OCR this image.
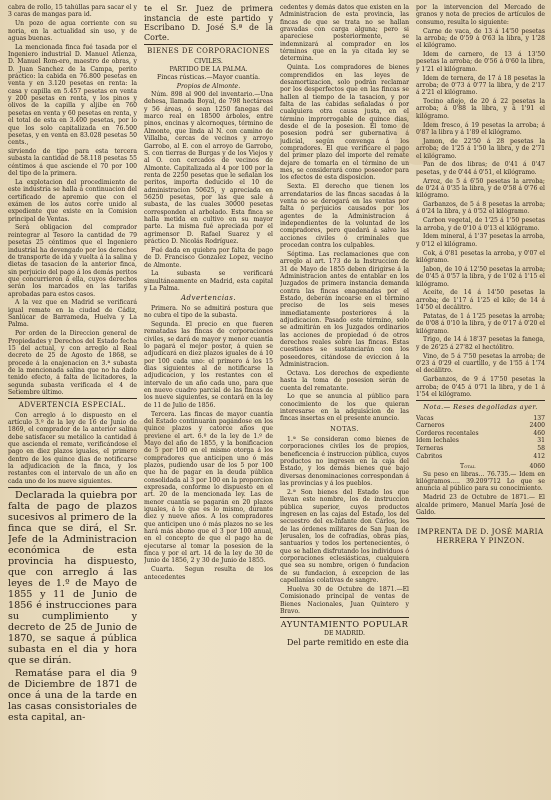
cabra de rollo, 15 tahúllas para sacar el y 3 caras de mangas para id.

Un pozo de agua corriente con su noria, en la actualidad sin uso, y de aguas buenas.

La mencionada finca fué tasada por el Ingeniero industrial D. Manuel Atienza, D. Manuel Rom-ero, maestro de obras, y D. Juan Sanchez de la Campa, perito práctico: la cabida en 76.800 pesetas en venta y en 3.120 pesetas en renta: la casa y capilla en 5.457 pesetas en venta y 200 pesetas en renta, y los pinos y olivos de la capilla y aljibe en 760 pesetas en venta y 60 pesetas en renta, y el total de esta en 3.400 pesetas, por lo que los solo capitalizada en 76.500 pesetas, y en venta en 83.028 pesetas 50 cents.,

sirviendo de tipo para esta tercera subasta la cantidad de 58.118 pesetas 55 céntimos á que asciende el 70 por 100 del tipo de la primera.

La explotacion del procedimiento de este industria se halla á continuacion del certificado de apremio que con el exámen de los autos corre unido al expediente que existe en la Comision principal de Ventas.

Será obligacion del comprador reintegrar al Tesoro la cantidad de 79 pesetas 25 céntimos que el Ingeniero industrial ha devengado por los derechos de transporte de ida y vuelta á la salina y dietas de tasacion de la anterior finca, sin perjuicio del pago á los demás peritos que concurrieron á ella, cuyos derechos serán los marcados en las tarifas aprobadas para estos casos.

A la vez que en Madrid se verificará igual remate en la ciudad de Cádiz, Sanlúcar de Barrameda, Huelva y La Palma.

Por orden de la Direccion general de Propiedades y Derechos del Estado fecha 15 del actual, y con arreglo al Real decreto de 25 de Agosto de 1868, se procede á la enajenacion en 3.ª subasta de la mencionada salina que no ha dado tenido efecto, á falta de licitadores, la segunda subasta verificada el 4 de Setiembre último.

ADVERTENCIA ESPECIAL.

Con arreglo á lo dispuesto en el artículo 3.º de la ley de 16 de Junio de 1869, el comprador de la anterior salina debe satisfacer su metálico la cantidad á que ascienda el remate, verificándose el pago en diez plazos iguales, el primero dentro de los quince dias de notificarse la adjudicacion de la finca, y los restantes con el intervalo de un año en cada uno de los nueve siguientes.

Declarada la quiebra por falta de pago de plazos sucesivos al primero de la finca que se dirá, el Sr. Jefe de la Administracion económica de esta provincia ha dispuesto, que con arreglo á las leyes de 1.º de Mayo de 1855 y 11 de Junio de 1856 é instrucciones para su cumplimiento y decreto de 25 de Junio de 1870, se saque á pública subasta en el dia y hora que se dirán.

Rematáse para el dia 9 de Diciembre de 1871 de once á una de la tarde en las casas consistoriales de esta capital, an-

te el Sr. Juez de primera instancia de este partido y Escribano D. José S.ª de la Corte.

BIENES DE CORPORACIONES
CIVILES.
PARTIDO DE LA PALMA.
Fincas rústicas.—Mayor cuantía.
Propios de Almonte.

Núm. 898 al 900 del inventario.—Una dehesa, llamada Boyal, de 798 hectáreas y 56 áreas, ó sean 1250 fanegas del marco real en 18500 árboles, entre pinos, encinas y alcornoques, término de Almonte, que linda al N. con camino de Villalba, cercas de vecinos y arroyo Garrobo, al E. con el arroyo de Garrobo, S. con tierras de Burgas y de los Viejos y al O. con cercados de vecinos de Almonte. Capitalizada al 4 por 100 por la renta de 2250 pesetas que le señalan los peritos, importa deducido el 10 de administracion 50625, y apreciada en 56250 pesetas, por las que sale á subasta, de las cuales 30000 pesetas corresponden al arbolado. Esta finca se halla metida en cultivo en su mayor parte. La misma fué apreciada por el agrimensor D. Rafael Suarez y el práctico D. Nicolás Rodríguez.

Fué dada en quiebra por falta de pago de D. Francisco Gonzalez Lopez, vecino de Almonte.

La subasta se verificará simultáneamente en Madrid, esta capital y La Palma.

Advertencias.

Primera. No se admitirá postura que no cubra el tipo de la subasta.

Segunda. El precio en que fueren rematadas las fincas de corporaciones civiles, se dará de mayor y menor cuantía lo pagará el mejor postor, á quien se adjudicará en diez plazos iguales de á 10 por 100 cada uno: el primero á los 15 dias siguientes al de notificarse la adjudicacion, y los restantes con el intervalo de un año cada uno, para que en nuevo cuadro parcial de las fincas de los nueve siguientes, se contará en la ley de 11 de Julio de 1856.

Tercera. Las fincas de mayor cuantía del Estado continuarán pagándose en los quince plazos y catorce años que previene el art. 6.º de la ley de 1.º de Mayo del año de 1855, y la bonificacion de 5 por 100 en el mismo otorga á los compradores que anticipen uno ó más plazos, pudiendo usar de los 5 por 100 que ha de pagar en la deuda pública consolidada al 3 por 100 en la proporcion expresada, conforme lo dispuesto en el art. 20 de la mencionada ley. Las de menor cuantía se pagarán en 20 plazos iguales, á lo que es lo mismo, durante diez y nueve años. A los compradores que anticipen uno ó más plazos no se les hará más abono que el 3 por 100 anual, en el concepto de que el pago ha de ejecutarse al tomar la posesion de la finca y por el art. 14 de la ley de 30 de Junio de 1856, 2 y 30 de Junio de 1855.

Cuarta. Segun resulta de los antecedentes

cedentes y demás datos que existen en la Administracion de esta provincia, las fincas de que se trata no se hallan gravadas con carga alguna; pero si apareciese posteriormente, se indemnizará al comprador en los términos que en la ya citada ley se determina.

Quinta. Los compradores de bienes comprendidos en las leyes de desamortizacion, solo podrán reclamar por los desperfectos que en las fincas se hallen al tiempo de la tasacion, y por falta de las cabidas señaladas ó por cualquiera otra causa justa, en el término improrrogable de quince dias, desde el de la posesion. El tomo de posesion podrá ser gubernativa á judicial, según convenga á los compradores. El que verificare el pago del primer plazo del importe del remate dejare de tomarla en el término de un mes, se considerará como poseedor para los efectos de esta disposicion.

Sexta. El derecho que tienen los arrendatarios de las fincas sacadas á la venta no se derogará en las ventas por falta ó perjuicios causados por los agentes de la Administracion á independientes de la voluntad de los compradores, pero quedará á salvo las acciones civiles ó criminales que procedan contra los culpables.

Séptima. Las reclamaciones que con arreglo al art. 173 de la Instruccion de 31 de Mayo de 1855 deben dirigirse á la Administracion antes de entablar en los Juzgados de primera instancia demanda contra las fincas enagenadas por el Estado, deberán incoarse en el término preciso de los seis meses inmediatamente posteriores á la adjudicacion. Pasado este término, solo se admitirán en los Juzgados ordinarios las acciones de propiedad ó de otros derechos reales sobre las fincas. Estas cuestiones se sustanciarán con los poseedores, citándose de eviccion á la Administracion.

Octava. Los derechos de expediente hasta la toma de posesion serán de cuenta del rematante.

Lo que se anuncia al público para conocimiento de los que quieran interesarse en la adquisicion de las fincas insertas en el presente anuncio.

NOTAS.

1.ª Se consideran como bienes de corporaciones civiles los de propios, beneficencia é instruccion pública, cuyos productos no ingresen en la caja del Estado, y los demás bienes que bajo diversas denominaciones correspondan á las provincias y á los pueblos.

2.ª Son bienes del Estado los que llevan este nombre, los de instruccion pública superior, cuyos productos ingresen en las cajas del Estado, los del secuestro del ex-Infante don Cárlos, los de las órdenes militares de San Juan de Jerusalen, los de cofradías, obras pías, santuarios y todos los pertenecientes, ó que se hallen disfrutando los individuos ó corporaciones eclesiásticas, cualquiera que sea su nombre, origen ó fundacion de su fundacion, á excepcion de las capellanías colativas de sangre.

Huelva 30 de Octubre de 1871.—El Comisionado principal de ventas de Bienes Nacionales, Juan Quintero y Bravo.

AYUNTAMIENTO POPULAR
DE MADRID.

Del parte remitido en este dia

por la intervencion del Mercado de granos y nota de precios de artículos de consumo, resulta lo siguiente:

Carne de vaca, de 13 á 14'50 pesetas la arroba; de 0'59 á 0'63 la libra, y 1'28 el kilógramo.

Idem de carnero, de 13 á 13'50 pesetas la arroba; de 0'56 á 0'60 la libra, y 1'21 el kilógramo.

Idem de ternera, de 17 á 18 pesetas la arroba; de 0'73 á 0'77 la libra, y de 2'17 á 2'21 el kilógramo.

Tocino añejo, de 20 á 22 pesetas la arroba; á 0'88 la libra, y á 1'91 el kilógramo.

Idem fresco, á 19 pesetas la arroba; á 0'87 la libra y á 1'89 el kilógramo.

Jamon, de 22'50 á 28 pesetas la arroba; de 1'25 á 1'50 la libra, y de 2'71 el kilógramo.

Pan de dos libras; de 0'41 á 0'47 pesetas, y de 0'44 á 0'51, el kilógramo.

Arroz, de 5 á 6'50 pesetas la arroba; de 0'24 á 0'35 la libra, y de 0'58 á 0'76 el kilógramo.

Garbanzos, de 5 á 8 pesetas la arroba; á 0'24 la libra, y á 0'52 el kilógramo.

Carbon vegetal, de 1'25 á 1'50 pesetas la arroba, y de 0'10 á 0'13 el kilógramo.

Idem mineral, á 1'37 pesetas la arroba, y 0'12 el kilógramo.

Cok, á 0'81 pesetas la arroba, y 0'07 el kilógramo.

Jabon, de 10 á 12'50 pesetas la arroba; de 0'45 á 0'57 la libra, y de 1'02 á 1'15 el kilógramo.

Aceite, de 14 á 14'50 pesetas la arroba; de 1'17 á 1'25 el kilo; de 14 á 14'50 el decálitro.

Patatas, de 1 á 1'25 pesetas la arroba; de 0'08 á 0'10 la libra, y de 0'17 á 0'20 el kilógramo.

Trigo, de 14 á 18'37 pesetas la fanega, y de 26'25 á 27'82 el hectólitro.

Vino, de 5 á 7'50 pesetas la arroba; de 0'23 á 0'29 el cuartillo, y de 1'55 á 1'74 el decálitro.

Garbanzos, de 9 á 17'50 pesetas la arroba; de 0'45 á 0'71 la libra, y de 1 á 1'54 el kilógramo.

Nota.— Reses degolladas ayer.
Vacas	137
Carneros	2400
Corderos recentales	460
Idem lechales	31
Terneras	58
Cabritos	412
Total	4060

Su peso en libras... 76.735.— Idem en kilógramos..... 39.209'712 Lo que se anuncia al público para su conocimiento.

Madrid 23 de Octubre de 1871.— El alcalde primero, Manuel María José de Galdo.

IMPRENTA DE D. JOSÉ MARIA HERRERA Y PINZON.
